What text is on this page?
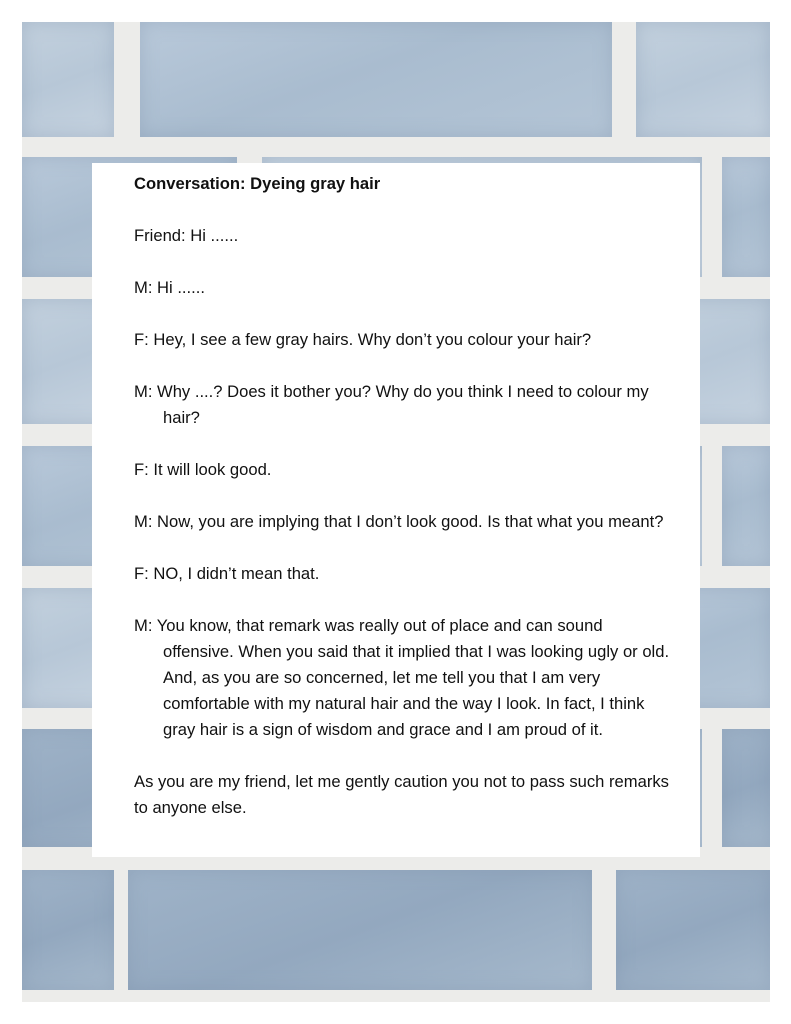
Conversation: Dyeing gray hair
Friend: Hi ......
M: Hi ......
F: Hey, I see a few gray hairs. Why don’t you colour your hair?
M: Why ....? Does it bother you? Why do you think I need to colour my hair?
F: It will look good.
M: Now, you are implying that I don’t look good. Is that what you meant?
F: NO, I didn’t mean that.
M: You know, that remark was really out of place and can sound offensive. When you said that it implied that I was looking ugly or old. And, as you are so concerned, let me tell you that I am very comfortable with my natural hair and the way I look. In fact, I think gray hair is a sign of wisdom and grace and I am proud of it.
As you are my friend, let me gently caution you not to pass such remarks to anyone else.
